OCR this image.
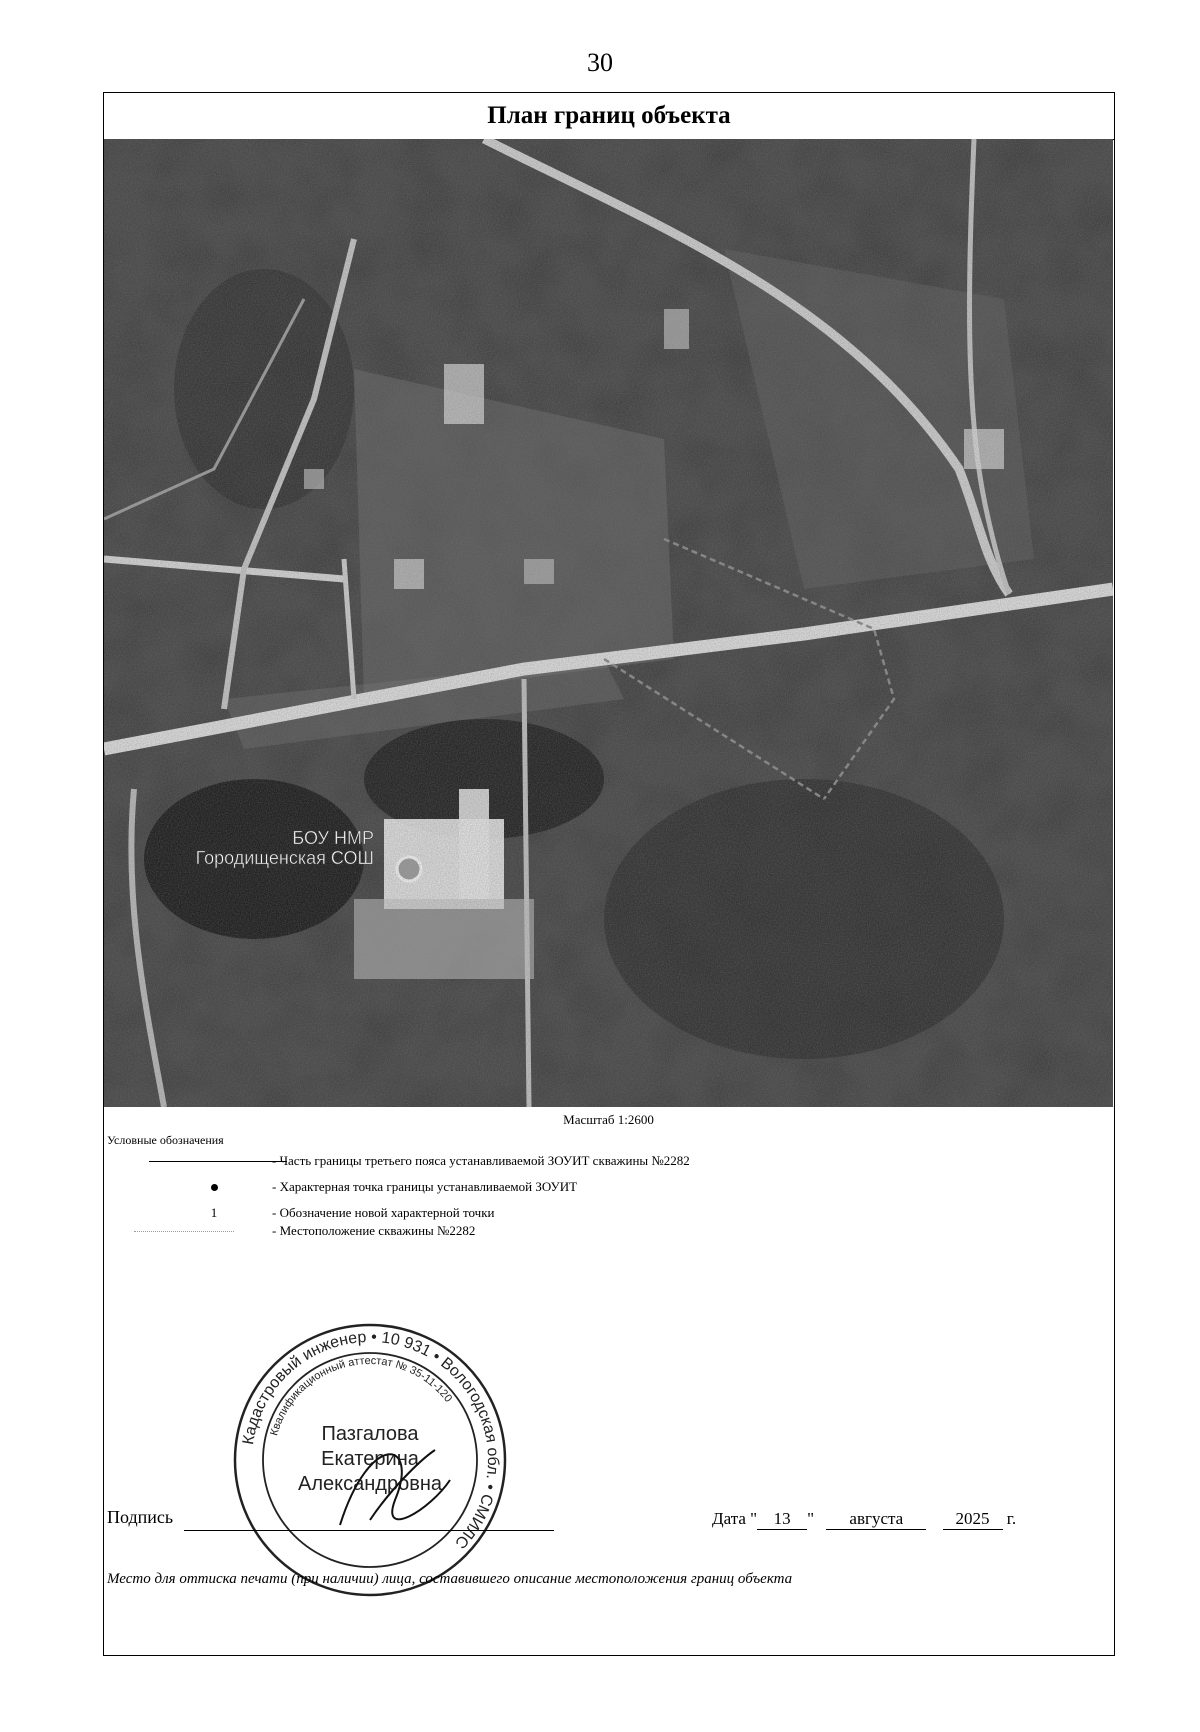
30
План границ объекта
БОУ НМР
Городищенская СОШ
Масштаб 1:2600
Условные обозначения
- Часть границы третьего пояса устанавливаемой ЗОУИТ скважины №2282
- Характерная точка границы устанавливаемой ЗОУИТ
1	- Обозначение новой характерной точки
- Местоположение скважины №2282
Кадастровый инженер • 10 931 • Вологодская обл. • СМИЛС
Квалификационный аттестат № 35-11-120
Пазгалова
Екатерина
Александровна
Подпись	Дата " 13 " августа	2025 г.
Место для оттиска печати (при наличии) лица, составившего описание местоположения границ объекта
